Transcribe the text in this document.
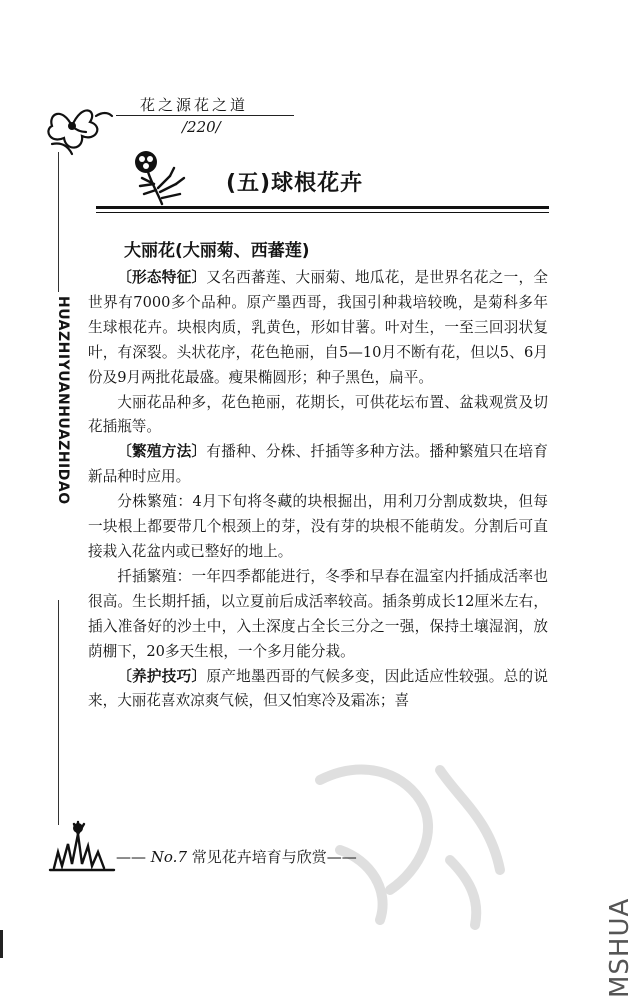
花之源花之道
/220/
HUAZHIYUANHUAZHIDAO
(五)球根花卉
大丽花(大丽菊、西蕃莲)

〔形态特征〕又名西蕃莲、大丽菊、地瓜花，是世界名花之一，全世界有7000多个品种。原产墨西哥，我国引种栽培较晚，是菊科多年生球根花卉。块根肉质，乳黄色，形如甘薯。叶对生，一至三回羽状复叶，有深裂。头状花序，花色艳丽，自5—10月不断有花，但以5、6月份及9月两批花最盛。瘦果椭圆形；种子黑色，扁平。

大丽花品种多，花色艳丽，花期长，可供花坛布置、盆栽观赏及切花插瓶等。

〔繁殖方法〕有播种、分株、扦插等多种方法。播种繁殖只在培育新品种时应用。

分株繁殖：4月下旬将冬藏的块根掘出，用利刀分割成数块，但每一块根上都要带几个根颈上的芽，没有芽的块根不能萌发。分割后可直接栽入花盆内或已整好的地上。

扦插繁殖：一年四季都能进行，冬季和早春在温室内扦插成活率也很高。生长期扦插，以立夏前后成活率较高。插条剪成长12厘米左右，插入准备好的沙土中，入土深度占全长三分之一强，保持土壤湿润，放荫棚下，20多天生根，一个多月能分栽。

〔养护技巧〕原产地墨西哥的气候多变，因此适应性较强。总的说来，大丽花喜欢凉爽气候，但又怕寒冷及霜冻；喜

—— No.7 常见花卉培育与欣赏——
MSHUA
